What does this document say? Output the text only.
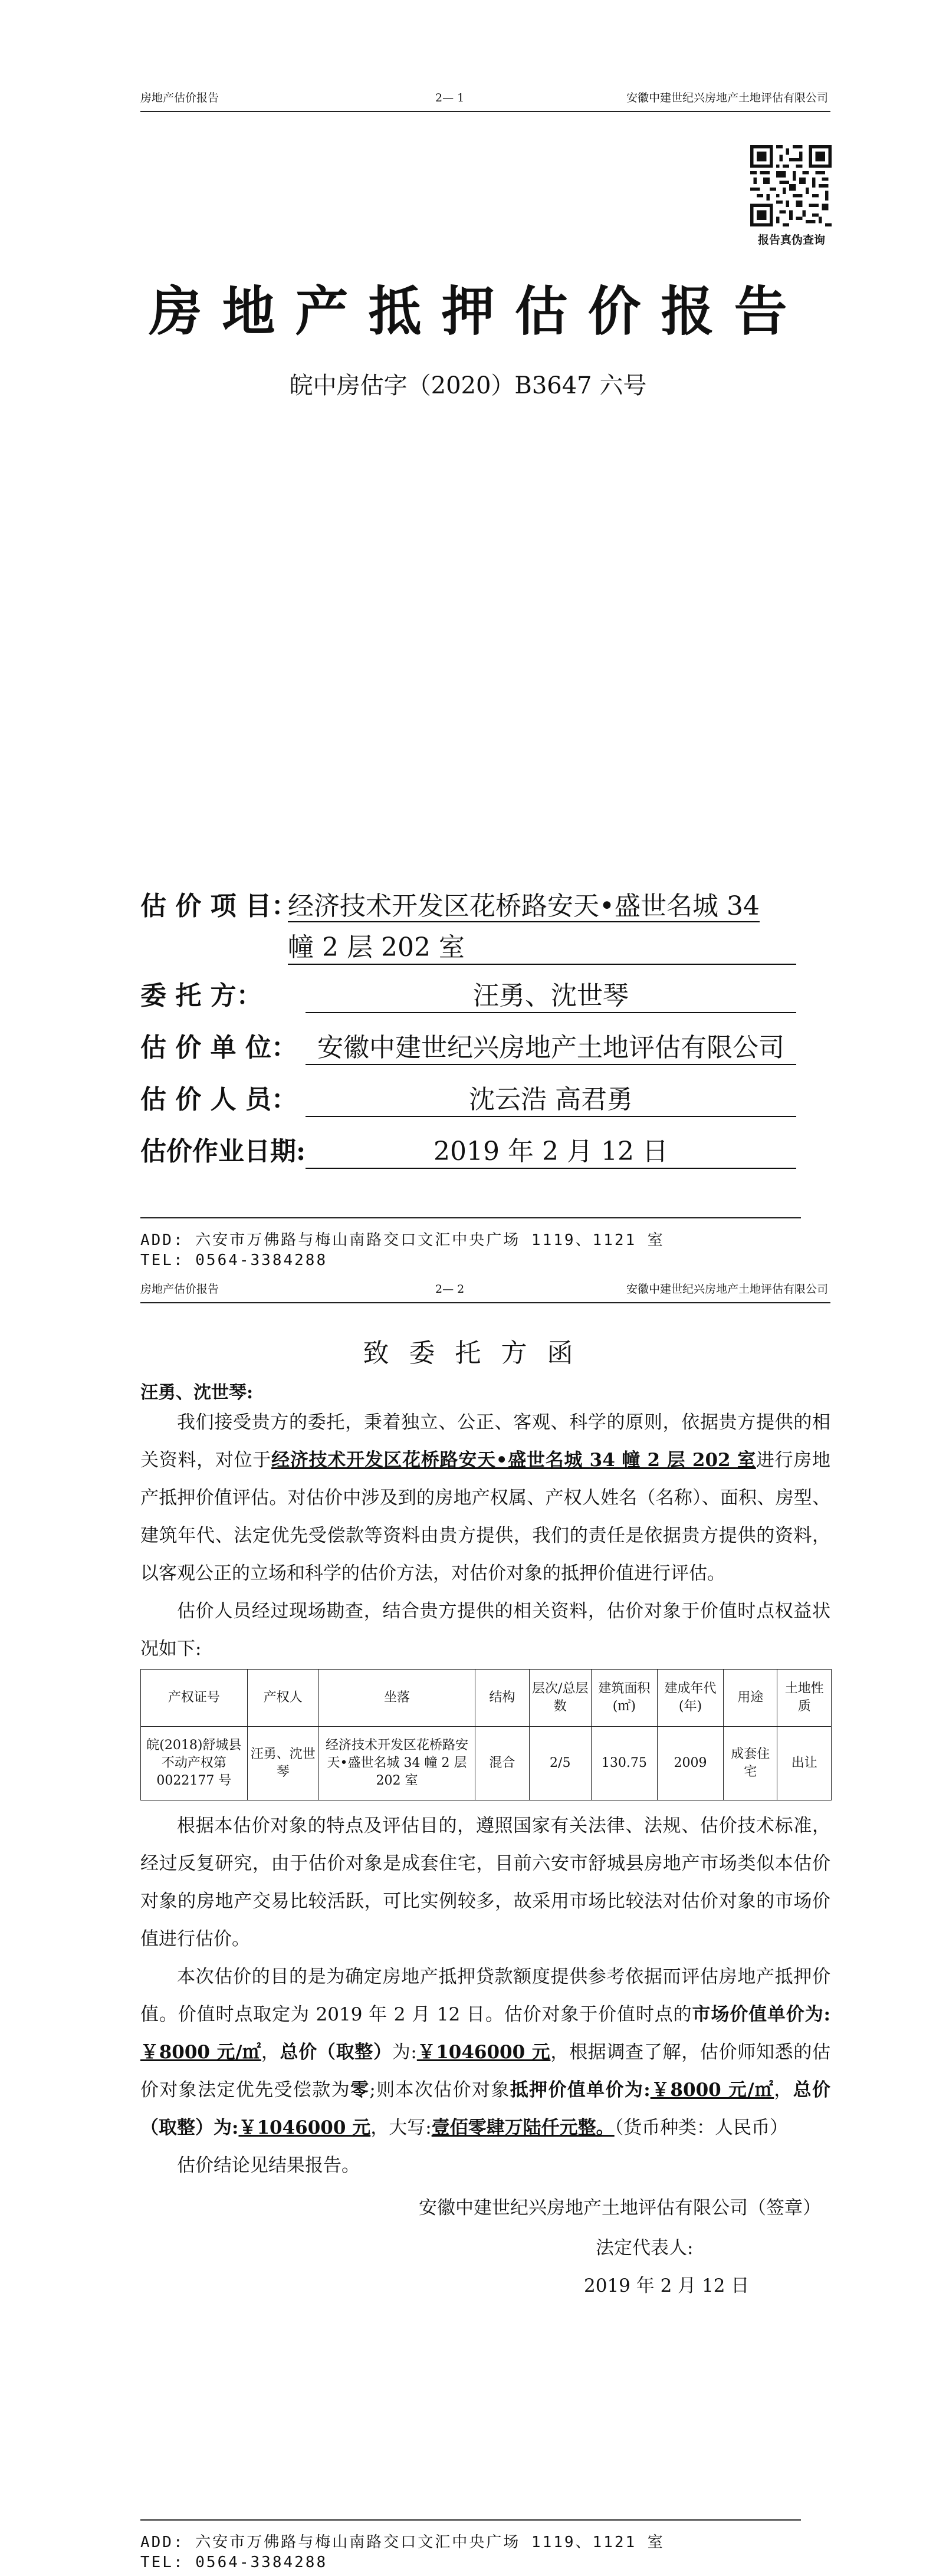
房地产估价报告	2— 1	安徽中建世纪兴房地产土地评估有限公司
报告真伪查询
房地产抵押估价报告
皖中房估字（2020）B3647 六号
估 价 项 目：
经济技术开发区花桥路安天•盛世名城 34
幢 2 层 202 室
委 托 方：	汪勇、沈世琴
估 价 单 位： 安徽中建世纪兴房地产土地评估有限公司
估 价 人 员：	沈云浩 高君勇
估价作业日期:	2019 年 2 月 12 日
ADD: 六安市万佛路与梅山南路交口文汇中央广场 1119、1121 室
TEL: 0564-3384288
房地产估价报告	2— 2	安徽中建世纪兴房地产土地评估有限公司
致委托方函
汪勇、沈世琴:
我们接受贵方的委托，秉着独立、公正、客观、科学的原则，依据贵方提供的相关资料，对位于经济技术开发区花桥路安天•盛世名城 34 幢 2 层 202 室进行房地产抵押价值评估。对估价中涉及到的房地产权属、产权人姓名（名称）、面积、房型、建筑年代、法定优先受偿款等资料由贵方提供，我们的责任是依据贵方提供的资料，以客观公正的立场和科学的估价方法，对估价对象的抵押价值进行评估。
估价人员经过现场勘查，结合贵方提供的相关资料，估价对象于价值时点权益状况如下:
产权证号	产权人	坐落	结构	层次/总层数	建筑面积(㎡)	建成年代(年)	用途	土地性质
皖(2018)舒城县不动产权第 0022177 号	汪勇、沈世琴	经济技术开发区花桥路安天•盛世名城 34 幢 2 层 202 室	混合	2/5	130.75	2009	成套住宅	出让
根据本估价对象的特点及评估目的，遵照国家有关法律、法规、估价技术标准，经过反复研究，由于估价对象是成套住宅，目前六安市舒城县房地产市场类似本估价对象的房地产交易比较活跃，可比实例较多，故采用市场比较法对估价对象的市场价值进行估价。
本次估价的目的是为确定房地产抵押贷款额度提供参考依据而评估房地产抵押价值。价值时点取定为 2019 年 2 月 12 日。估价对象于价值时点的市场价值单价为:￥8000 元/㎡，总价（取整）为:￥1046000 元，根据调查了解，估价师知悉的估价对象法定优先受偿款为零;则本次估价对象抵押价值单价为:￥8000 元/㎡，总价（取整）为:￥1046000 元，大写:壹佰零肆万陆仟元整。（货币种类：人民币）
估价结论见结果报告。
安徽中建世纪兴房地产土地评估有限公司（签章）
法定代表人:
2019 年 2 月 12 日
ADD: 六安市万佛路与梅山南路交口文汇中央广场 1119、1121 室
TEL: 0564-3384288
